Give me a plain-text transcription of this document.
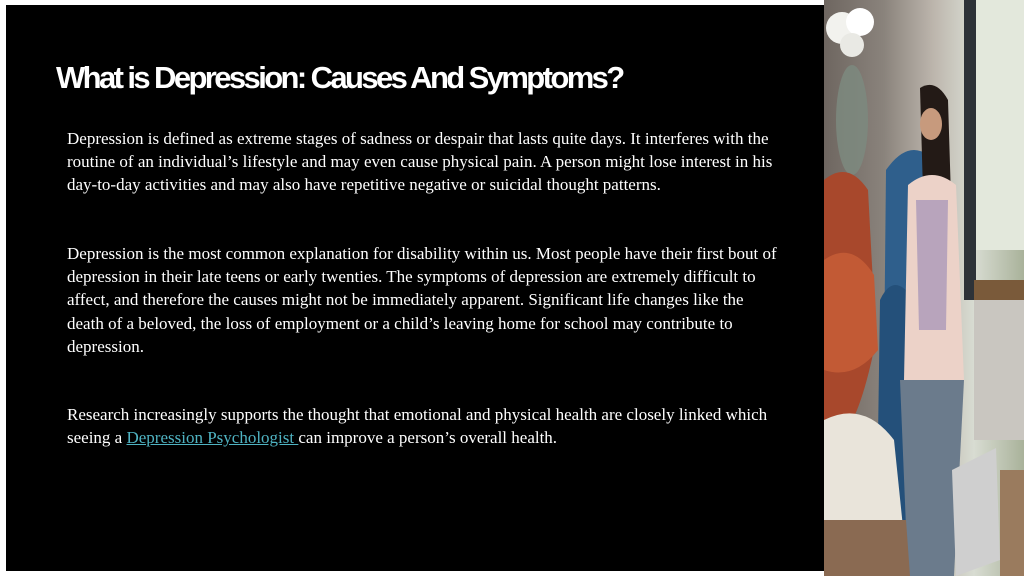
What is Depression: Causes And Symptoms?

Depression is defined as extreme stages of sadness or despair that lasts quite days. It interferes with the routine of an individual’s lifestyle and may even cause physical pain. A person might lose interest in his day-to-day activities and may also have repetitive negative or suicidal thought patterns.

Depression is the most common explanation for disability within us. Most people have their first bout of depression in their late teens or early twenties. The symptoms of depression are extremely difficult to affect, and therefore the causes might not be immediately apparent. Significant life changes like the death of a beloved, the loss of employment or a child’s leaving home for school may contribute to depression.

Research increasingly supports the thought that emotional and physical health are closely linked which seeing a Depression Psychologist can improve a person’s overall health.
